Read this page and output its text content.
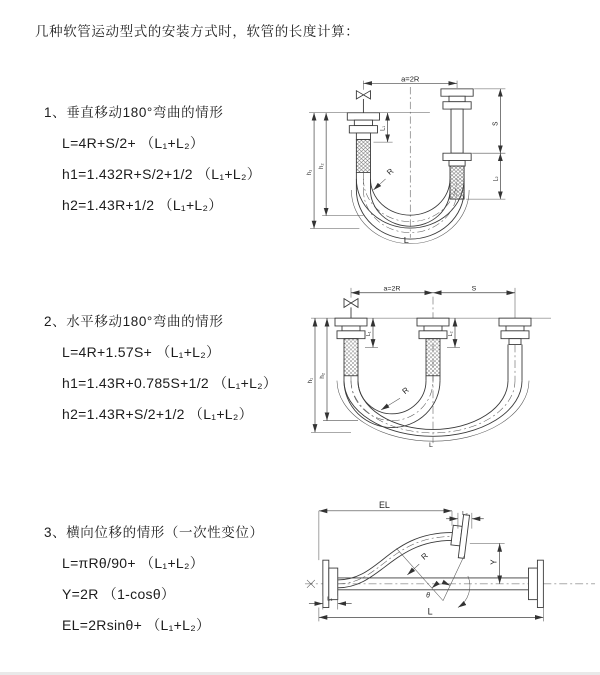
几种软管运动型式的安装方式时，软管的长度计算：
1、垂直移动180°弯曲的情形
L=4R+S/2+ （L₁+L₂）
h1=1.432R+S/2+1/2 （L₁+L₂）
h2=1.43R+1/2 （L₁+L₂）
2、水平移动180°弯曲的情形
L=4R+1.57S+ （L₁+L₂）
h1=1.43R+0.785S+1/2 （L₁+L₂）
h2=1.43R+S/2+1/2 （L₁+L₂）
3、横向位移的情形（一次性变位）
L=πRθ/90+ （L₁+L₂）
Y=2R （1-cosθ）
EL=2Rsinθ+ （L₁+L₂）
a=2R
L
h₁
h₂
L₁
S
L₂
R
a=2R	S
L
h₁
h₂
L₁	L₂
R
θ
R
EL
L₂
Y
L
L₁
